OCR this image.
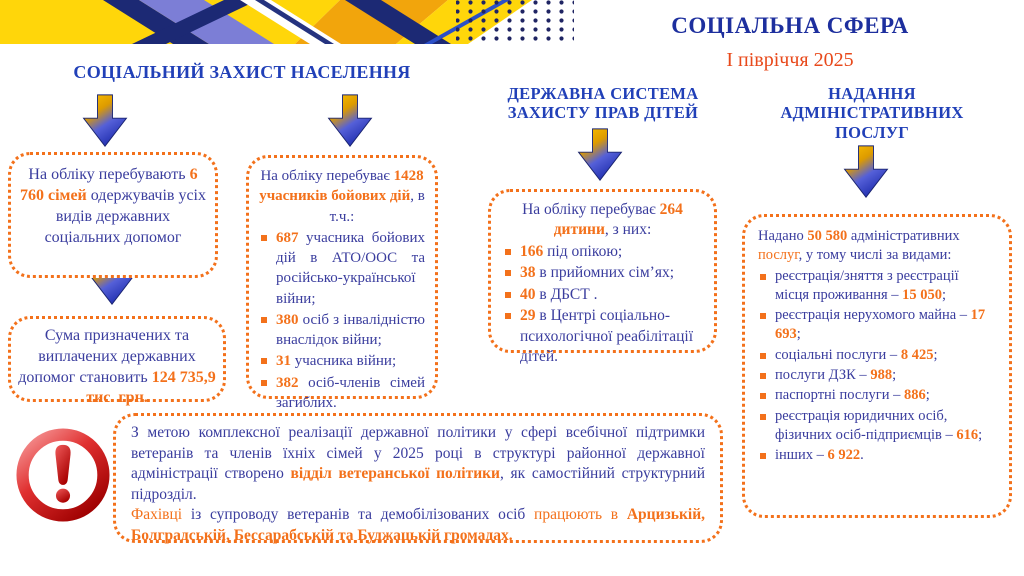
СОЦІАЛЬНА СФЕРА
І півріччя 2025
СОЦІАЛЬНИЙ ЗАХИСТ НАСЕЛЕННЯ
ДЕРЖАВНА СИСТЕМА ЗАХИСТУ ПРАВ ДІТЕЙ
НАДАННЯ АДМІНІСТРАТИВНИХ ПОСЛУГ
На обліку перебувають 6 760 сімей одержувачів усіх видів державних соціальних допомог
Сума призначених та виплачених державних допомог становить 124 735,9 тис. грн.

На обліку перебуває 1428 учасників бойових дій, в т.ч.:

687 учасника бойових дій в АТО/ООС та російсько-української війни;
380 осіб з інвалідністю внаслідок війни;
31 учасника війни;
382 осіб-членів сімей загиблих.

На обліку перебуває 264 дитини, з них:

166 під опікою;
38 в прийомних сім’ях;
40 в ДБСТ .
29 в Центрі соціально-психологічної реабілітації дітей.

Надано 50 580 адміністративних послуг, у тому числі за видами:

реєстрація/зняття з реєстрації місця проживання – 15 050;
реєстрація нерухомого майна – 17 693;
соціальні послуги – 8 425;
послуги ДЗК – 988;
паспортні послуги – 886;
реєстрація юридичних осіб, фізичних осіб-підприємців – 616;
інших – 6 922.

З метою комплексної реалізації державної політики у сфері всебічної підтримки ветеранів та членів їхніх сімей у 2025 році в структурі районної державної адміністрації створено відділ ветеранської політики, як самостійний структурний підрозділ.

Фахівці із супроводу ветеранів та демобілізованих осіб працюють в Арцизькій, Болградській, Бессарабській та Буджацькій громадах.
